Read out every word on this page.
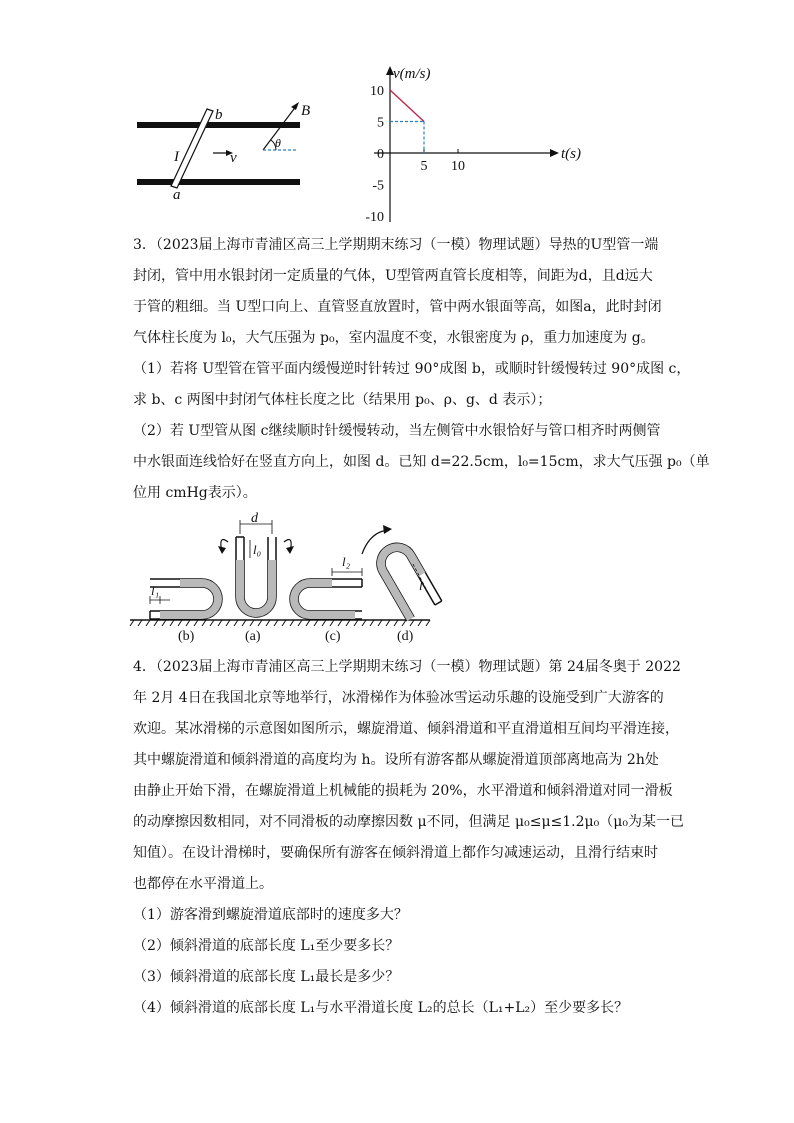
b
a
I	v
B
θ
v(m/s)
t(s)
10
5
0
-5
-10
5 10
3．（2023届上海市青浦区高三上学期期末练习（一模）物理试题）导热的U型管一端
封闭，管中用水银封闭一定质量的气体，U型管两直管长度相等，间距为d，且d远大
于管的粗细。当 U型口向上、直管竖直放置时，管中两水银面等高，如图a，此时封闭
气体柱长度为 l₀，大气压强为 p₀，室内温度不变，水银密度为 ρ，重力加速度为 g。
（1）若将 U型管在管平面内缓慢逆时针转过 90°成图 b，或顺时针缓慢转过 90°成图 c，
求 b、c 两图中封闭气体柱长度之比（结果用 p₀、ρ、g、d 表示）；
（2）若 U型管从图 c继续顺时针缓慢转动，当左侧管中水银恰好与管口相齐时两侧管
中水银面连线恰好在竖直方向上，如图 d。已知 d=22.5cm，l₀=15cm，求大气压强 p₀（单
位用 cmHg表示）。
l₁
d
l₀
l₂
l
(b)	(a)	(c)	(d)
4．（2023届上海市青浦区高三上学期期末练习（一模）物理试题）第 24届冬奥于 2022
年 2月 4日在我国北京等地举行，冰滑梯作为体验冰雪运动乐趣的设施受到广大游客的
欢迎。某冰滑梯的示意图如图所示，螺旋滑道、倾斜滑道和平直滑道相互间均平滑连接，
其中螺旋滑道和倾斜滑道的高度均为 h。设所有游客都从螺旋滑道顶部离地高为 2h处
由静止开始下滑，在螺旋滑道上机械能的损耗为 20%，水平滑道和倾斜滑道对同一滑板
的动摩擦因数相同，对不同滑板的动摩擦因数 μ不同，但满足 μ₀≤μ≤1.2μ₀（μ₀为某一已
知值）。在设计滑梯时，要确保所有游客在倾斜滑道上都作匀减速运动，且滑行结束时
也都停在水平滑道上。
（1）游客滑到螺旋滑道底部时的速度多大？
（2）倾斜滑道的底部长度 L₁至少要多长？
（3）倾斜滑道的底部长度 L₁最长是多少？
（4）倾斜滑道的底部长度 L₁与水平滑道长度 L₂的总长（L₁+L₂）至少要多长？
